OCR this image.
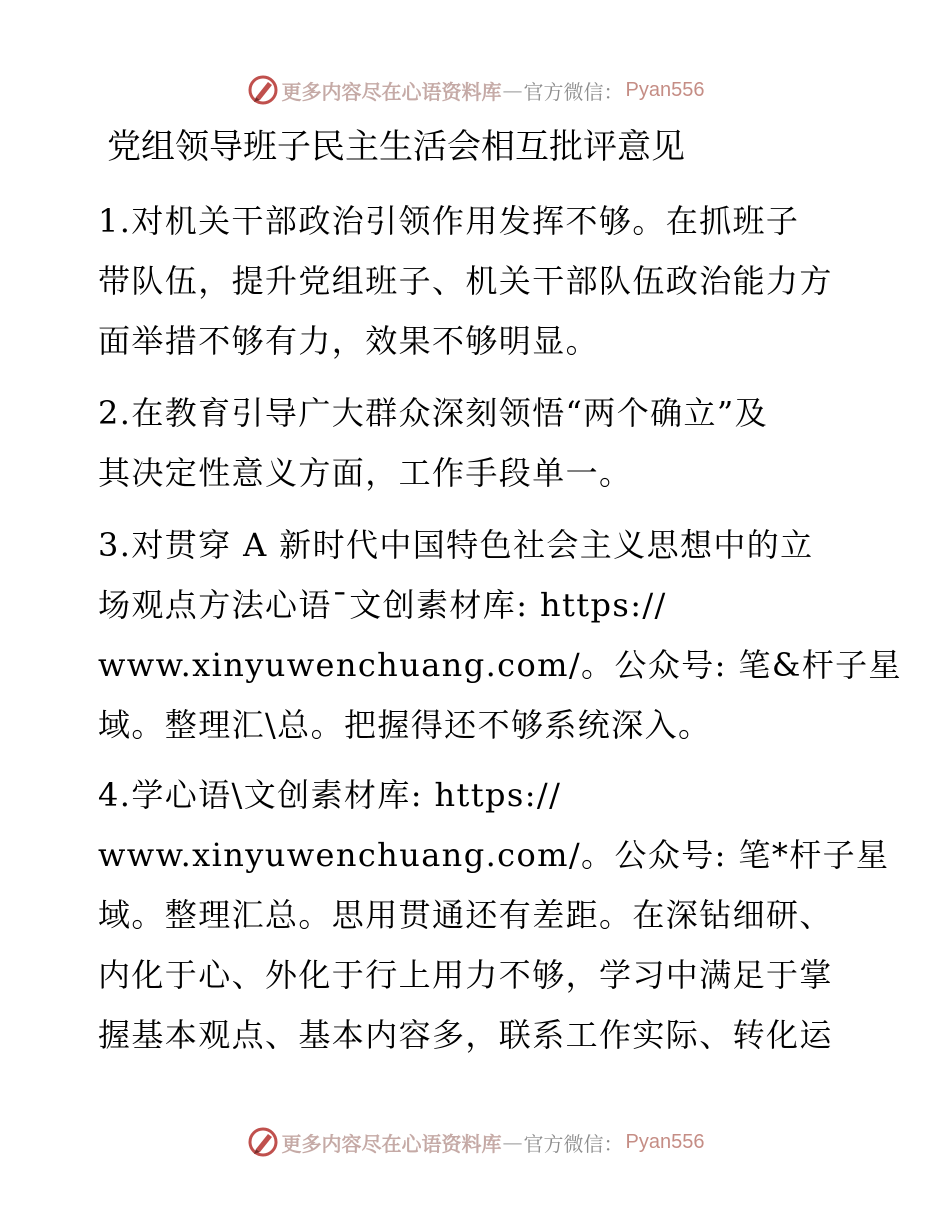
更多内容尽在心语资料库 — 官方微信： Pyan556
党组领导班子民主生活会相互批评意见
1.对机关干部政治引领作用发挥不够。在抓班子
带队伍，提升党组班子、机关干部队伍政治能力方
面举措不够有力，效果不够明显。
2.在教育引导广大群众深刻领悟“两个确立”及
其决定性意义方面，工作手段单一。
3.对贯穿 A 新时代中国特色社会主义思想中的立
场观点方法心语¯文创素材库: https://
www.xinyuwenchuang.com/。公众号: 笔&杆子星
域。整理汇\总。把握得还不够系统深入。
4.学心语\文创素材库: https://
www.xinyuwenchuang.com/。公众号: 笔*杆子星
域。整理汇总。思用贯通还有差距。在深钻细研、
内化于心、外化于行上用力不够，学习中满足于掌
握基本观点、基本内容多，联系工作实际、转化运
更多内容尽在心语资料库 — 官方微信： Pyan556
